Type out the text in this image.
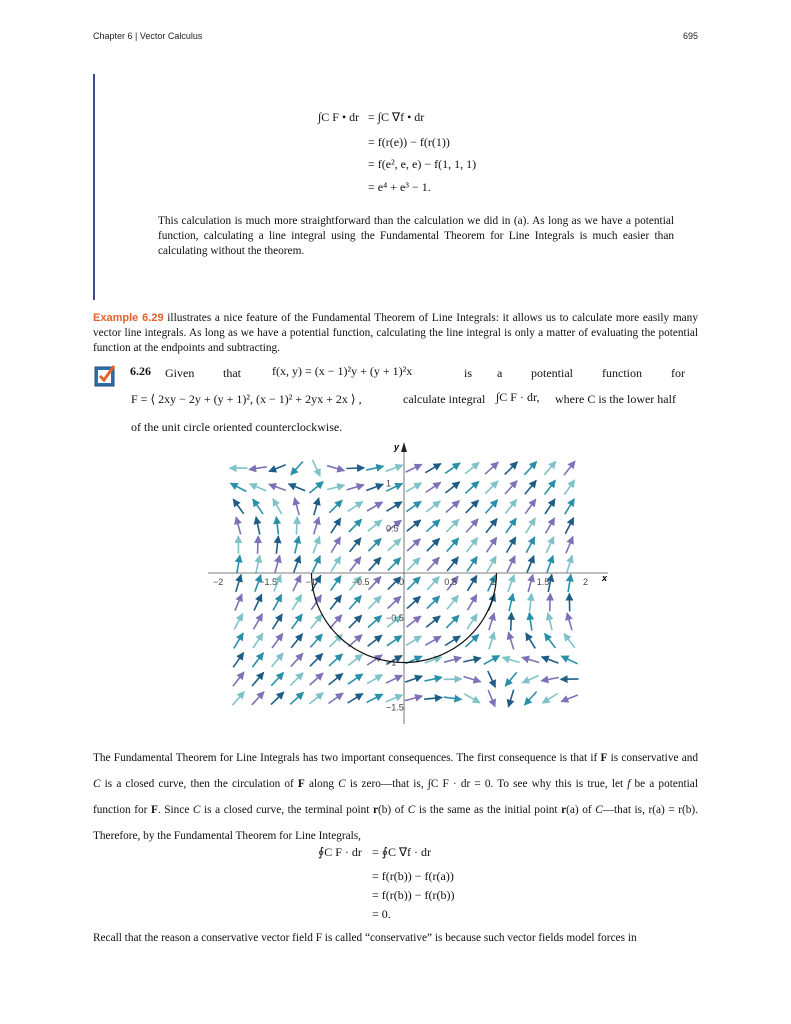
Chapter 6 | Vector Calculus	695
∫C F • dr = ∫C ∇f • dr
= f(r(e)) − f(r(1))
= f(e², e, e) − f(1, 1, 1)
= e⁴ + e³ − 1.
This calculation is much more straightforward than the calculation we did in (a). As long as we have a potential function, calculating a line integral using the Fundamental Theorem for Line Integrals is much easier than calculating without the theorem.
Example 6.29 illustrates a nice feature of the Fundamental Theorem of Line Integrals: it allows us to calculate more easily many vector line integrals. As long as we have a potential function, calculating the line integral is only a matter of evaluating the potential function at the endpoints and subtracting.
6.26 Given that	f(x, y) = (x − 1)²y + (y + 1)²x	is a potential function for
F = ⟨ 2xy − 2y + (y + 1)², (x − 1)² + 2yx + 2x ⟩ ,	calculate integral ∫C F · dr, where C is the lower half
of the unit circle oriented counterclockwise.
−2	−1.5	−1	−0.5	0	0.5	1	1.5	2
1
0.5
−0.5
−1
−1.5
x
y
The Fundamental Theorem for Line Integrals has two important consequences. The first consequence is that if F is conservative and C is a closed curve, then the circulation of F along C is zero—that is, ∫C F · dr = 0. To see why this is true, let f be a potential function for F. Since C is a closed curve, the terminal point r(b) of C is the same as the initial point r(a) of C—that is, r(a) = r(b). Therefore, by the Fundamental Theorem for Line Integrals,
∮C F · dr = ∮C ∇f · dr
= f(r(b)) − f(r(a))
= f(r(b)) − f(r(b))
= 0.
Recall that the reason a conservative vector field F is called “conservative” is because such vector fields model forces in
